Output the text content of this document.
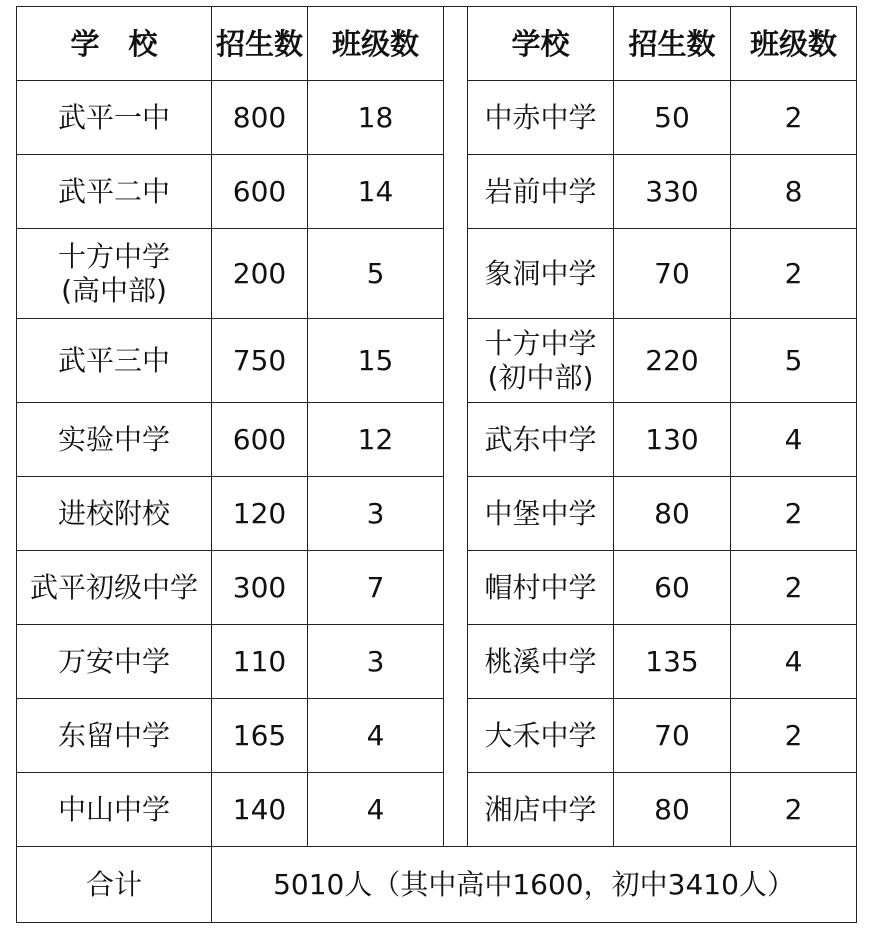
学　校	招生数	班级数		学校	招生数	班级数

武平一中	800	18		中赤中学	50	2

武平二中	600	14		岩前中学	330	8

十方中学
(高中部)	200	5		象洞中学	70	2

武平三中	750	15		十方中学
(初中部)	220	5

实验中学	600	12		武东中学	130	4

进校附校	120	3		中堡中学	80	2

武平初级中学	300	7		帽村中学	60	2

万安中学	110	3		桃溪中学	135	4

东留中学	165	4		大禾中学	70	2

中山中学	140	4		湘店中学	80	2
合计	5010人（其中高中1600，初中3410人）					
